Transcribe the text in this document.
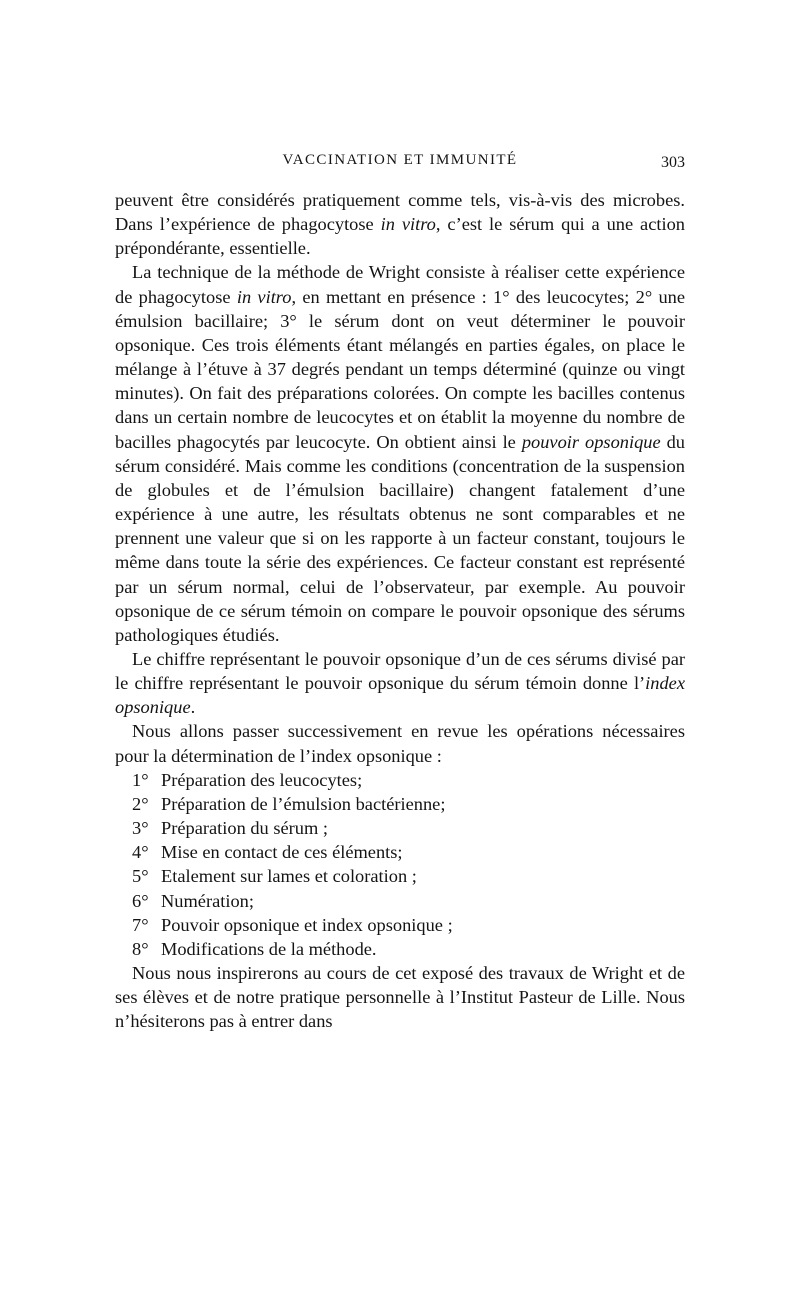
VACCINATION ET IMMUNITÉ	303

peuvent être considérés pratiquement comme tels, vis-à-vis des microbes. Dans l’expérience de phagocytose in vitro, c’est le sérum qui a une action prépondérante, essentielle.

La technique de la méthode de Wright consiste à réaliser cette expérience de phagocytose in vitro, en mettant en présence : 1° des leucocytes; 2° une émulsion bacillaire; 3° le sérum dont on veut déterminer le pouvoir opsonique. Ces trois éléments étant mélangés en parties égales, on place le mélange à l’étuve à 37 degrés pendant un temps déterminé (quinze ou vingt minutes). On fait des préparations colorées. On compte les bacilles contenus dans un certain nombre de leucocytes et on établit la moyenne du nombre de bacilles phagocytés par leucocyte. On obtient ainsi le pouvoir opsonique du sérum considéré. Mais comme les conditions (concentration de la suspension de globules et de l’émulsion bacillaire) changent fatalement d’une expérience à une autre, les résultats obtenus ne sont comparables et ne prennent une valeur que si on les rapporte à un facteur constant, toujours le même dans toute la série des expériences. Ce facteur constant est représenté par un sérum normal, celui de l’observateur, par exemple. Au pouvoir opsonique de ce sérum témoin on compare le pouvoir opsonique des sérums pathologiques étudiés.

Le chiffre représentant le pouvoir opsonique d’un de ces sérums divisé par le chiffre représentant le pouvoir opsonique du sérum témoin donne l’index opsonique.

Nous allons passer successivement en revue les opérations nécessaires pour la détermination de l’index opsonique :

1° Préparation des leucocytes;
2° Préparation de l’émulsion bactérienne;
3° Préparation du sérum ;
4° Mise en contact de ces éléments;
5° Etalement sur lames et coloration ;
6° Numération;
7° Pouvoir opsonique et index opsonique ;
8° Modifications de la méthode.

Nous nous inspirerons au cours de cet exposé des travaux de Wright et de ses élèves et de notre pratique personnelle à l’Institut Pasteur de Lille. Nous n’hésiterons pas à entrer dans
